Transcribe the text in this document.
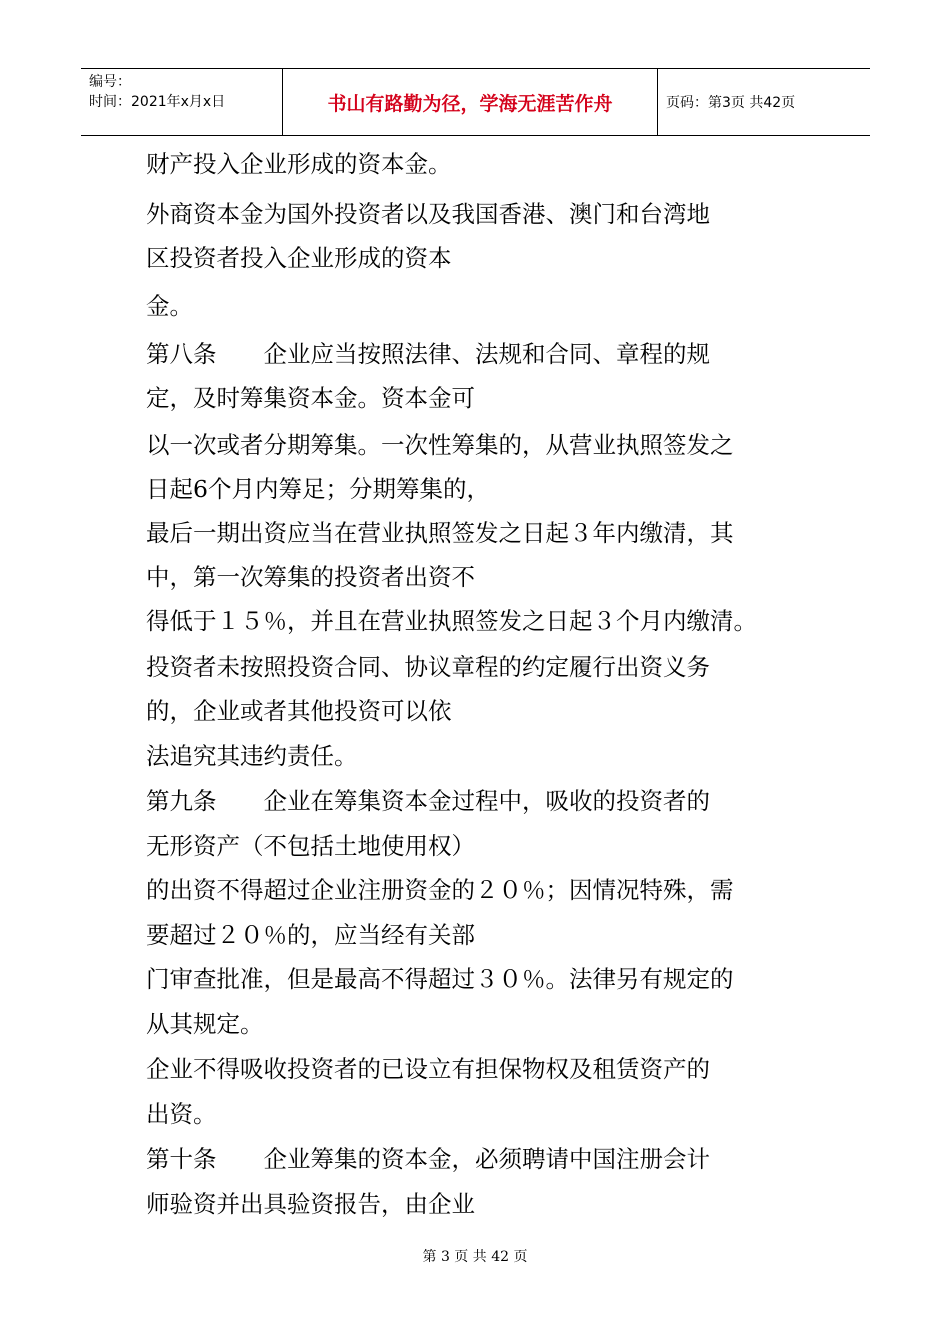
编号：
时间：2021年x月x日	书山有路勤为径，学海无涯苦作舟	页码：第3页 共42页
财产投入企业形成的资本金。
外商资本金为国外投资者以及我国香港、澳门和台湾地
区投资者投入企业形成的资本
金。
第八条　　企业应当按照法律、法规和合同、章程的规
定，及时筹集资本金。资本金可
以一次或者分期筹集。一次性筹集的，从营业执照签发之
日起6个月内筹足；分期筹集的，
最后一期出资应当在营业执照签发之日起３年内缴清，其
中，第一次筹集的投资者出资不
得低于１５％，并且在营业执照签发之日起３个月内缴清。
投资者未按照投资合同、协议章程的约定履行出资义务
的，企业或者其他投资可以依
法追究其违约责任。
第九条　　企业在筹集资本金过程中，吸收的投资者的
无形资产（不包括土地使用权）
的出资不得超过企业注册资金的２０％；因情况特殊，需
要超过２０％的，应当经有关部
门审查批准，但是最高不得超过３０％。法律另有规定的
从其规定。
企业不得吸收投资者的已设立有担保物权及租赁资产的
出资。
第十条　　企业筹集的资本金，必须聘请中国注册会计
师验资并出具验资报告，由企业
第 3 页 共 42 页
